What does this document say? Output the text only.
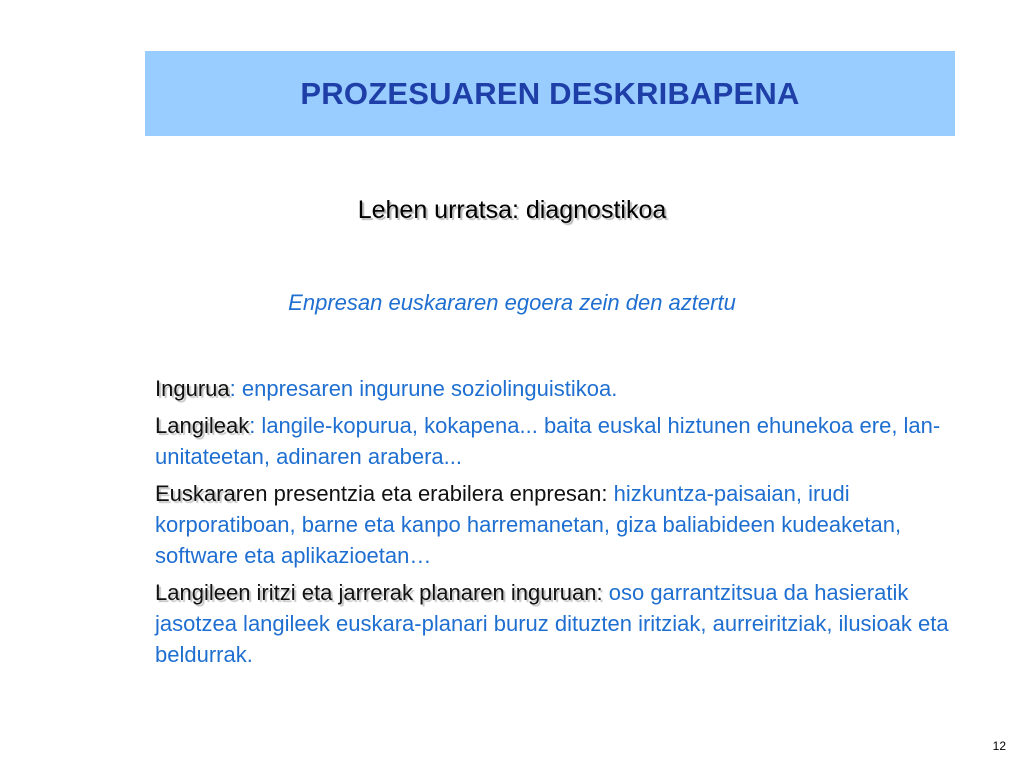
PROZESUAREN DESKRIBAPENA
Lehen urratsa: diagnostikoa
Enpresan euskararen egoera zein den aztertu

Ingurua: enpresaren ingurune soziolinguistikoa.

Langileak: langile-kopurua, kokapena... baita euskal hiztunen ehunekoa ere, lan-unitateetan, adinaren arabera...

Euskararen presentzia eta erabilera enpresan: hizkuntza-paisaian, irudi korporatiboan, barne eta kanpo harremanetan, giza baliabideen kudeaketan, software eta aplikazioetan…

Langileen iritzi eta jarrerak planaren inguruan: oso garrantzitsua da hasieratik jasotzea langileek euskara-planari buruz dituzten iritziak, aurreiritziak, ilusioak eta beldurrak.

12
